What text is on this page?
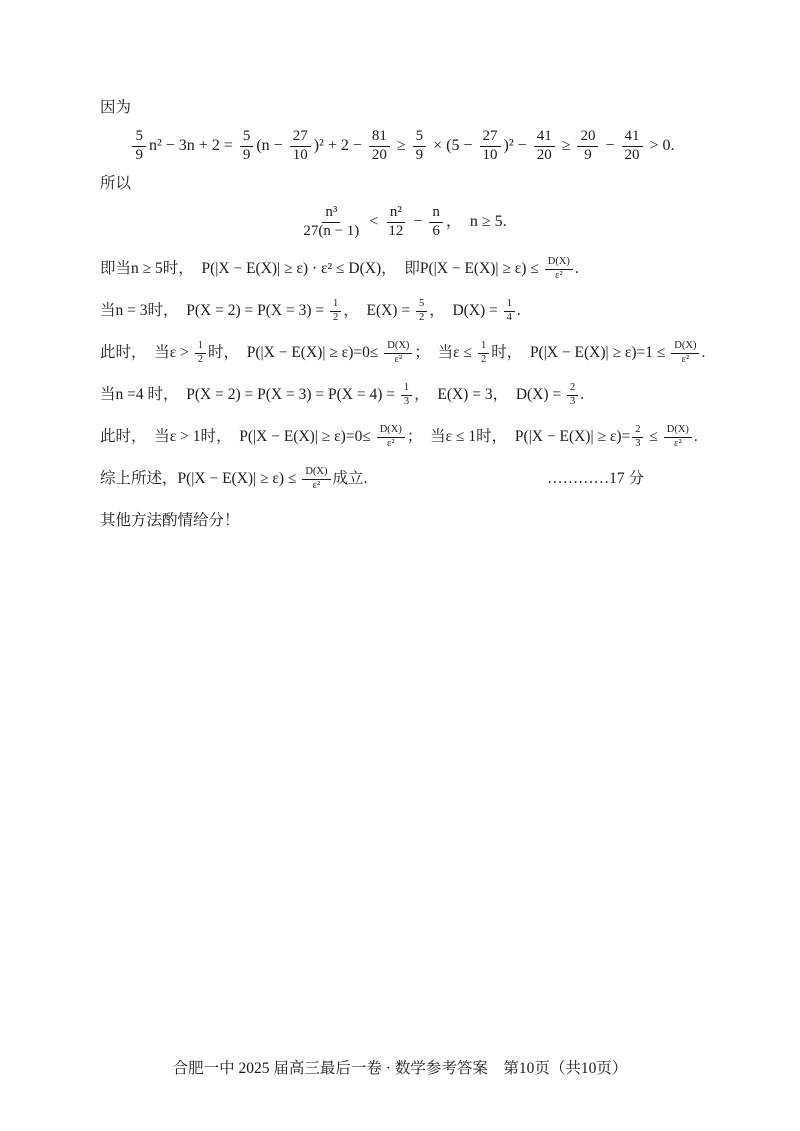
因为
$\frac{5}{9} n^2 - 3n + 2 = \frac{5}{9} (n - \frac{27}{10} )^2 + 2 - \frac{81}{20} \ge \frac{5}{9} \times (5 - \frac{27}{10} )^2 - \frac{41}{20} \ge \frac{20}{9} - \frac{41}{20} > 0$.
所以
$\frac{\text{n³}}{27(n - 1)} < \frac{\text{n²}}{12} - \frac{n}{6}$ ，  n ≥ 5.
即当n ≥ 5时，  P(|X − E(X)| ≥ ε) · ε² ≤ D(X)，  即$P(|X - E(X)| \ge \varepsilon) \le \frac{D(X)}{\text{ε²}}$ .
当n = 3时，  $P(X = 2) = P(X = 3) = \frac{1}{2}$ ，  $E(X) = \frac{5}{2}$ ，  $D(X) = \frac{1}{4}$ .
此时，  当$\varepsilon > \frac{1}{2}$ 时，  $P(|X - E(X)| \ge \varepsilon)=0\le \frac{D(X)}{\text{ε²}}$ ；  当$\varepsilon \le \frac{1}{2}$ 时，  $P(|X - E(X)| \ge \varepsilon)=1 \le \frac{D(X)}{\text{ε²}}$ .
当n =4 时，  $P(X = 2) = P(X = 3) = P(X = 4) = \frac{1}{3}$ ，  E(X) = 3，  $D(X) = \frac{2}{3}$ .
此时，  当ε > 1时，  $P(|X - E(X)| \ge \varepsilon)=0\le \frac{D(X)}{\text{ε²}}$ ；  当ε ≤ 1时，  $P(|X - E(X)| \ge \varepsilon)= \frac{2}{3} \le \frac{D(X)}{\text{ε²}}$ .
综上所述，$P(|X - E(X)| \ge \varepsilon) \le \frac{D(X)}{\text{ε²}}$ 成立.	…………17 分
其他方法酌情给分！
合肥一中 2025 届高三最后一卷 · 数学参考答案　第10页（共10页）
